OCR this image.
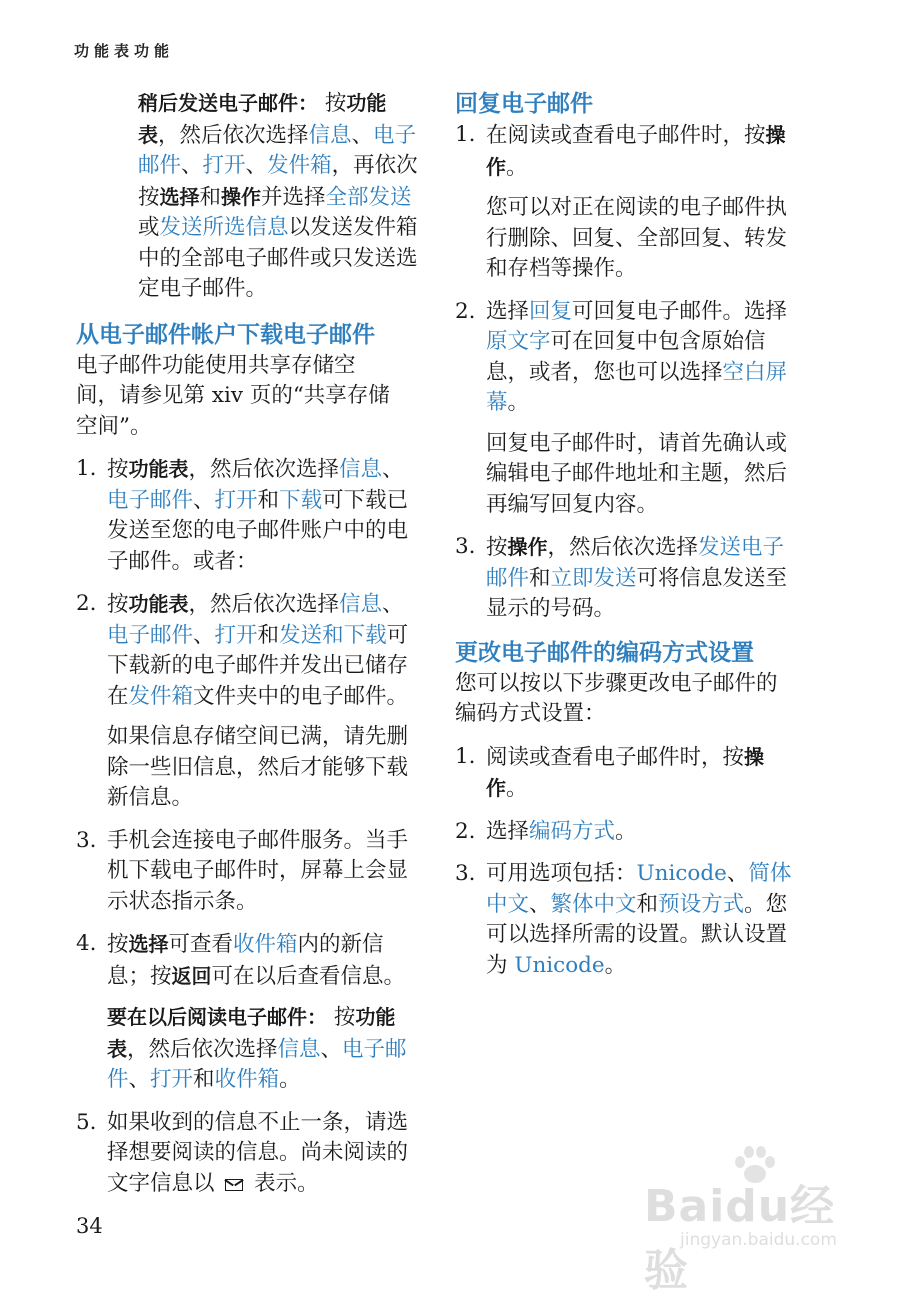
功能表功能

稍后发送电子邮件： 按功能表，然后依次选择信息、电子邮件、打开、发件箱，再依次按选择和操作并选择全部发送或发送所选信息以发送发件箱中的全部电子邮件或只发送选定电子邮件。

从电子邮件帐户下载电子邮件

电子邮件功能使用共享存储空间，请参见第 xiv 页的“共享存储空间”。

1. 按功能表，然后依次选择信息、电子邮件、打开和下载可下载已发送至您的电子邮件账户中的电子邮件。或者：

2. 按功能表，然后依次选择信息、电子邮件、打开和发送和下载可下载新的电子邮件并发出已储存在发件箱文件夹中的电子邮件。

如果信息存储空间已满，请先删除一些旧信息，然后才能够下载新信息。

3. 手机会连接电子邮件服务。当手机下载电子邮件时，屏幕上会显示状态指示条。

4. 按选择可查看收件箱内的新信息；按返回可在以后查看信息。

要在以后阅读电子邮件： 按功能表，然后依次选择信息、电子邮件、打开和收件箱。

5. 如果收到的信息不止一条，请选择想要阅读的信息。尚未阅读的文字信息以  表示。

回复电子邮件
1. 在阅读或查看电子邮件时，按操作。

您可以对正在阅读的电子邮件执行删除、回复、全部回复、转发和存档等操作。

2. 选择回复可回复电子邮件。选择原文字可在回复中包含原始信息，或者，您也可以选择空白屏幕。

回复电子邮件时，请首先确认或编辑电子邮件地址和主题，然后再编写回复内容。

3. 按操作，然后依次选择发送电子邮件和立即发送可将信息发送至显示的号码。

更改电子邮件的编码方式设置

您可以按以下步骤更改电子邮件的编码方式设置：

1. 阅读或查看电子邮件时，按操作。

2. 选择编码方式。

3. 可用选项包括：Unicode、简体中文、繁体中文和预设方式。您可以选择所需的设置。默认设置为 Unicode。

34	Baidu经验
jingyan.baidu.com
